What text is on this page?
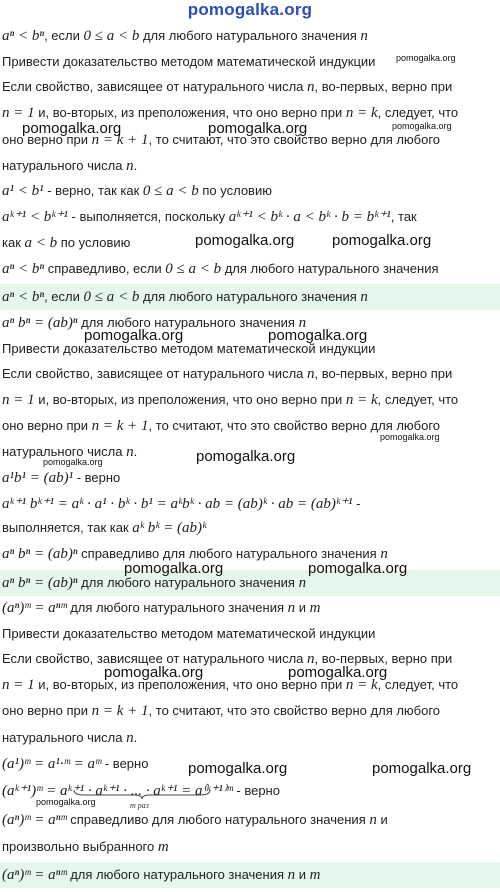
pomogalka.org
aⁿ < bⁿ, если 0 ≤ a < b для любого натурального значения n
Привести доказательство методом математической индукции
Если свойство, зависящее от натурального числа n, во-первых, верно при
n = 1 и, во-вторых, из преположения, что оно верно при n = k, следует, что
оно верно при n = k + 1, то считают, что это свойство верно для любого
натурального числа n.
a¹ < b¹ - верно, так как 0 ≤ a < b по условию
aᵏ⁺¹ < bᵏ⁺¹ - выполняется, поскольку aᵏ⁺¹ < bᵏ · a < bᵏ · b = bᵏ⁺¹, так
как a < b по условию
aⁿ < bⁿ справедливо, если 0 ≤ a < b для любого натурального значения
aⁿ < bⁿ, если 0 ≤ a < b для любого натурального значения n
aⁿ bⁿ = (ab)ⁿ для любого натурального значения n
Привести доказательство методом математической индукции
Если свойство, зависящее от натурального числа n, во-первых, верно при
n = 1 и, во-вторых, из преположения, что оно верно при n = k, следует, что
оно верно при n = k + 1, то считают, что это свойство верно для любого
натурального числа n.
a¹b¹ = (ab)¹ - верно
aᵏ⁺¹ bᵏ⁺¹ = aᵏ · a¹ · bᵏ · b¹ = aᵏbᵏ · ab = (ab)ᵏ · ab = (ab)ᵏ⁺¹ -
выполняется, так как aᵏ bᵏ = (ab)ᵏ
aⁿ bⁿ = (ab)ⁿ справедливо для любого натурального значения n
aⁿ bⁿ = (ab)ⁿ для любого натурального значения n
(aⁿ)ᵐ = aⁿᵐ для любого натурального значения n и m
Привести доказательство методом математической индукции
Если свойство, зависящее от натурального числа n, во-первых, верно при
n = 1 и, во-вторых, из преположения, что оно верно при n = k, следует, что
оно верно при n = k + 1, то считают, что это свойство верно для любого
натурального числа n.
(a¹)ᵐ = a¹·ᵐ = aᵐ - верно
(aᵏ⁺¹)ᵐ = aᵏ⁺¹ · aᵏ⁺¹ · ... · aᵏ⁺¹ = a⁽ᵏ⁺¹⁾ᵐ - верно
(aⁿ)ᵐ = aⁿᵐ справедливо для любого натурального значения n и
произвольно выбранного m
(aⁿ)ᵐ = aⁿᵐ для любого натурального значения n и m
m раз
pomogalka.org	pomogalka.org
pomogalka.org
pomogalka.org
pomogalka.org	pomogalka.org
pomogalka.org	pomogalka.org
pomogalka.org
pomogalka.org
pomogalka.org
pomogalka.org	pomogalka.org
pomogalka.org	pomogalka.org
pomogalka.org	pomogalka.org
pomogalka.org
